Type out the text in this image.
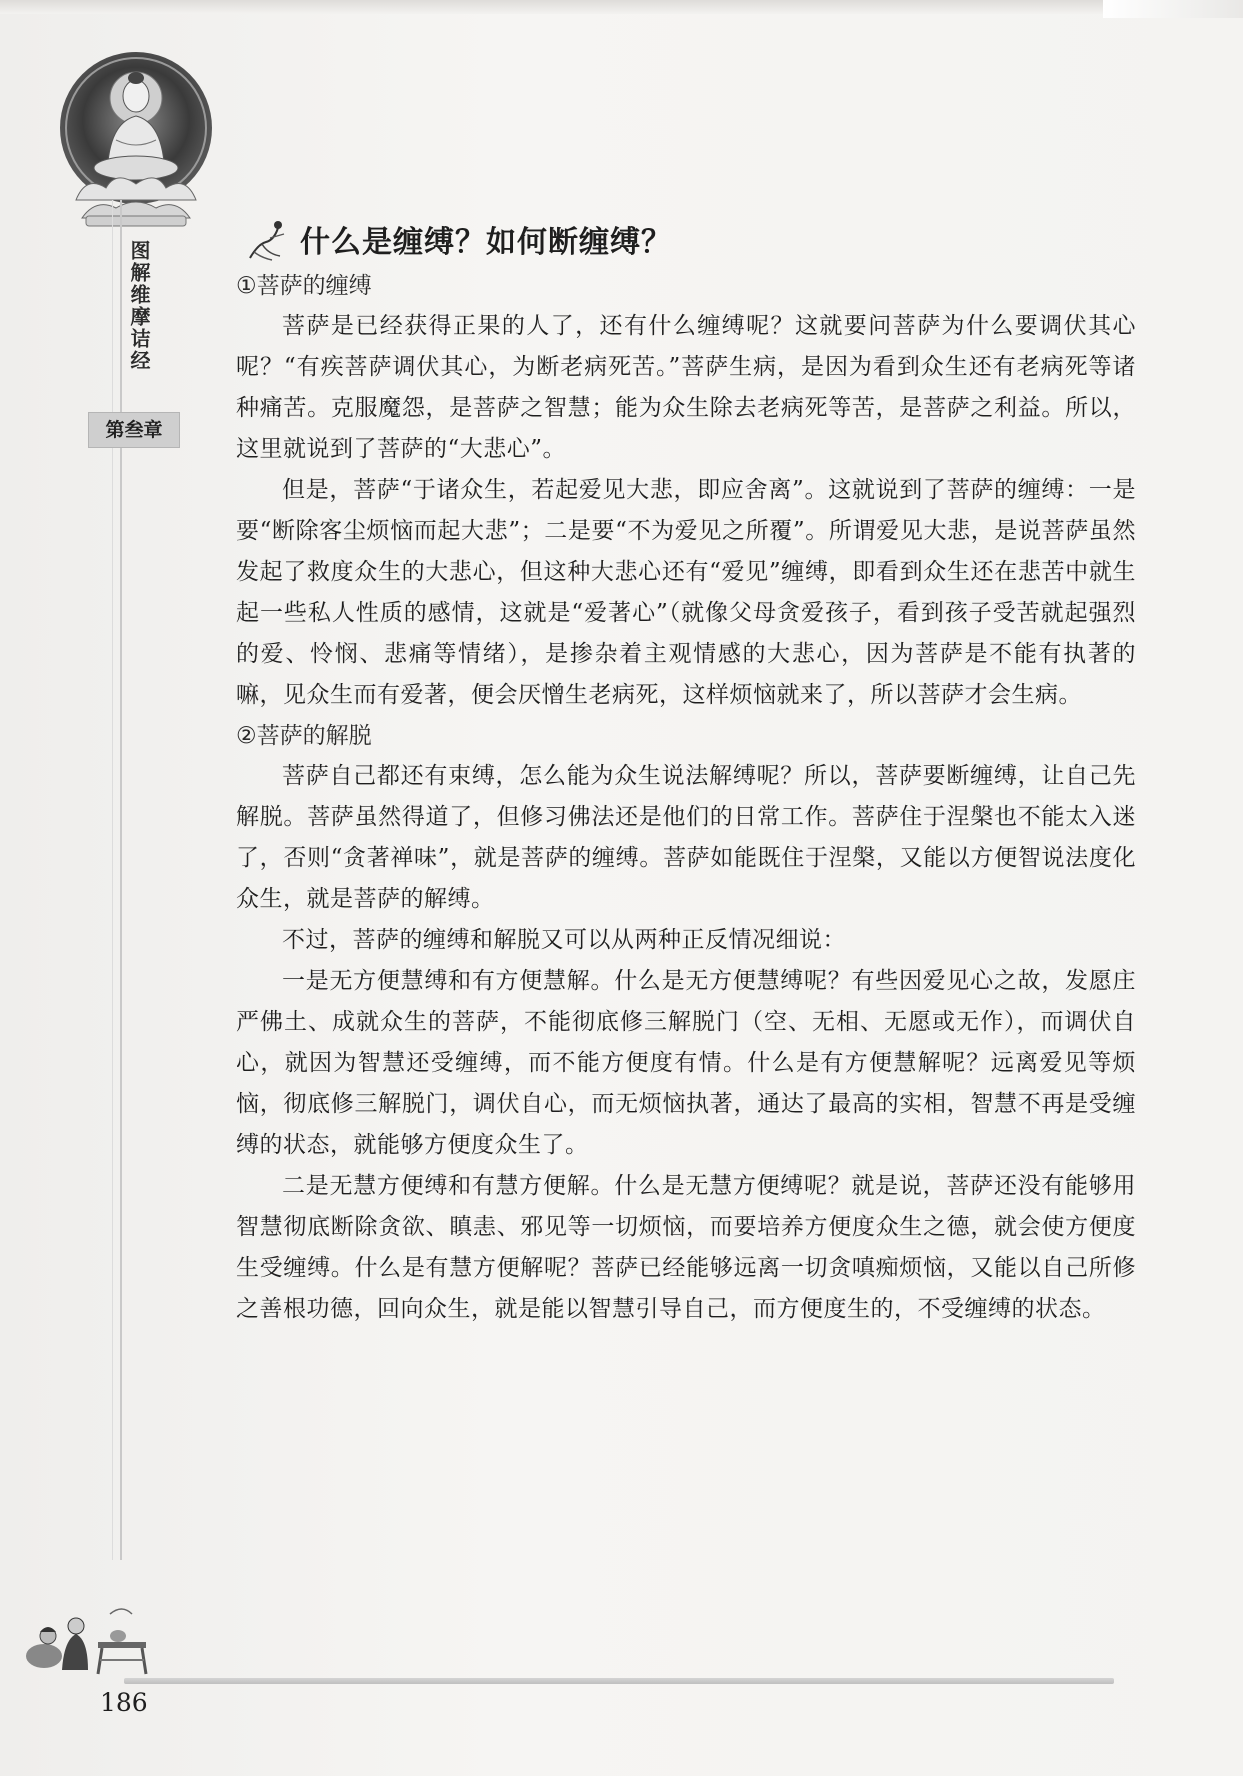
图解维摩诘经
第叁章
什么是缠缚？如何断缠缚？

①菩萨的缠缚

菩萨是已经获得正果的人了，还有什么缠缚呢？这就要问菩萨为什么要调伏其心呢？“有疾菩萨调伏其心，为断老病死苦。”菩萨生病，是因为看到众生还有老病死等诸种痛苦。克服魔怨，是菩萨之智慧；能为众生除去老病死等苦，是菩萨之利益。所以，这里就说到了菩萨的“大悲心”。

但是，菩萨“于诸众生，若起爱见大悲，即应舍离”。这就说到了菩萨的缠缚：一是要“断除客尘烦恼而起大悲”；二是要“不为爱见之所覆”。所谓爱见大悲，是说菩萨虽然发起了救度众生的大悲心，但这种大悲心还有“爱见”缠缚，即看到众生还在悲苦中就生起一些私人性质的感情，这就是“爱著心”（就像父母贪爱孩子，看到孩子受苦就起强烈的爱、怜悯、悲痛等情绪），是掺杂着主观情感的大悲心，因为菩萨是不能有执著的嘛，见众生而有爱著，便会厌憎生老病死，这样烦恼就来了，所以菩萨才会生病。

②菩萨的解脱

菩萨自己都还有束缚，怎么能为众生说法解缚呢？所以，菩萨要断缠缚，让自己先解脱。菩萨虽然得道了，但修习佛法还是他们的日常工作。菩萨住于涅槃也不能太入迷了，否则“贪著禅味”，就是菩萨的缠缚。菩萨如能既住于涅槃，又能以方便智说法度化众生，就是菩萨的解缚。

不过，菩萨的缠缚和解脱又可以从两种正反情况细说：

一是无方便慧缚和有方便慧解。什么是无方便慧缚呢？有些因爱见心之故，发愿庄严佛土、成就众生的菩萨，不能彻底修三解脱门（空、无相、无愿或无作），而调伏自心，就因为智慧还受缠缚，而不能方便度有情。什么是有方便慧解呢？远离爱见等烦恼，彻底修三解脱门，调伏自心，而无烦恼执著，通达了最高的实相，智慧不再是受缠缚的状态，就能够方便度众生了。

二是无慧方便缚和有慧方便解。什么是无慧方便缚呢？就是说，菩萨还没有能够用智慧彻底断除贪欲、瞋恚、邪见等一切烦恼，而要培养方便度众生之德，就会使方便度生受缠缚。什么是有慧方便解呢？菩萨已经能够远离一切贪嗔痴烦恼，又能以自己所修之善根功德，回向众生，就是能以智慧引导自己，而方便度生的，不受缠缚的状态。

186
